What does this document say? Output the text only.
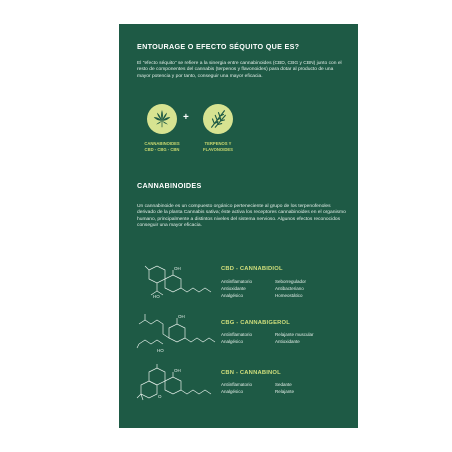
ENTOURAGE O EFECTO SÉQUITO QUE ES?
El "efecto séquito" se refiere a la sinergia entre cannabinoides (CBD, CBG y CBN) junto con el resto de componentes del cannabis (terpenos y flavonoides) para dotar al producto de una mayor potencia y por tanto, conseguir una mayor eficacia.
+
CANNABINOIDES
CBD - CBG - CBN
TERPENOS Y
FLAVONOIDES
CANNABINOIDES
Un cannabinoide es un compuesto orgánico perteneciente al grupo de los terpenofenoles derivado de la planta Cannabis sativa; éste activa los receptores cannabinoides en el organismo humano, principalmente a distintos niveles del sistema nervioso. Algunos efectos reconocidos conseguir una mayor eficacia.
OH
HO
CBD - CANNABIDIOL
Antiinflamatorio
Antioxidante
Analgésico
Seborregulador
Antibacteriano
Homeostático
OH
HO
CBG - CANNABIGEROL
Antiinflamatorio
Analgésico
Relajante muscular
Antioxidante
OH
O
CBN - CANNABINOL
Antiinflamatorio
Analgésico
Sedante
Relajante
